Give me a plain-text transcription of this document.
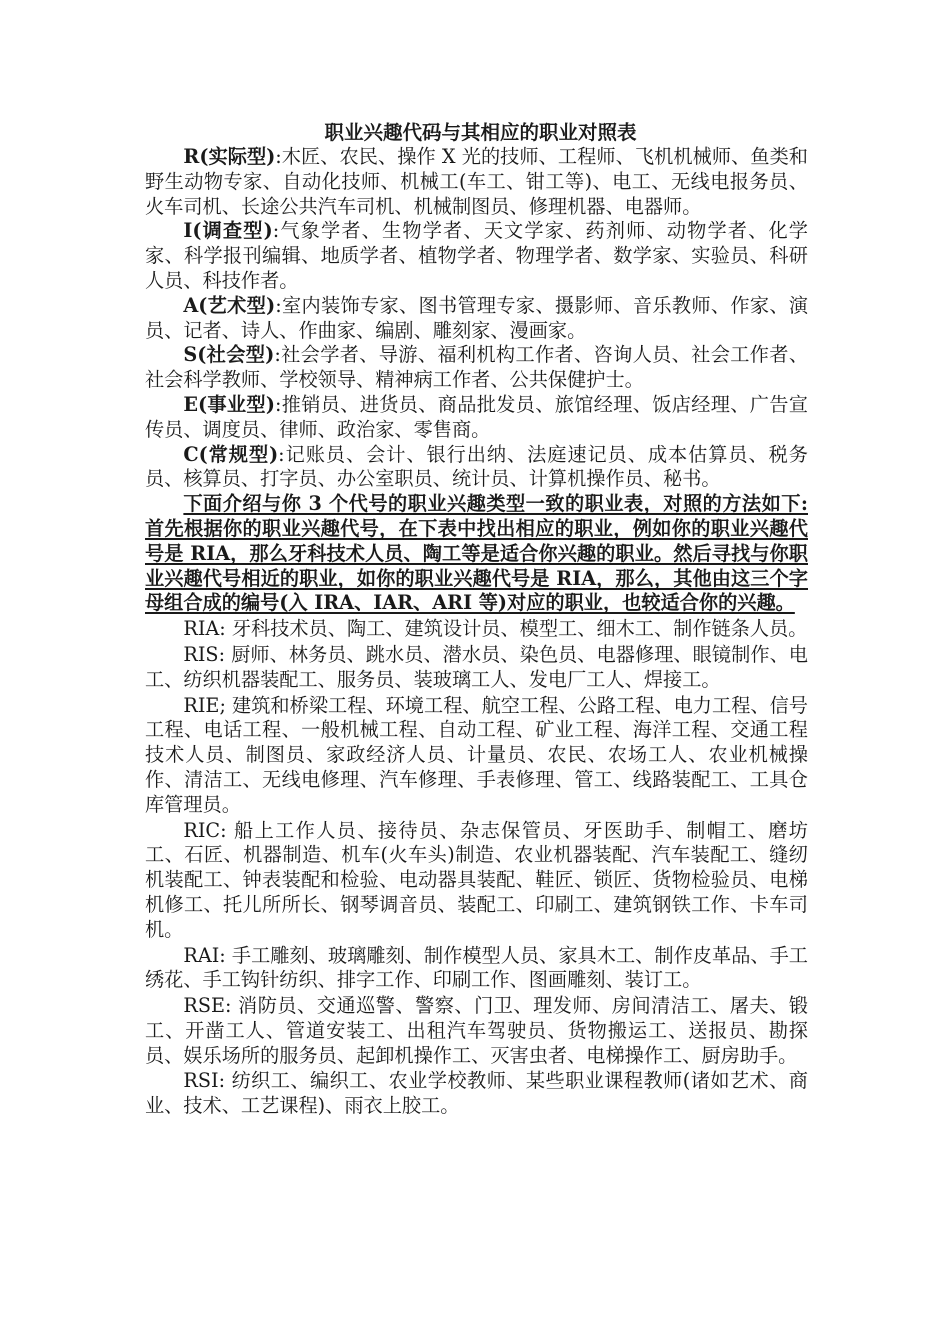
职业兴趣代码与其相应的职业对照表

R(实际型):木匠、农民、操作 X 光的技师、工程师、飞机机械师、鱼类和野生动物专家、自动化技师、机械工(车工、钳工等)、电工、无线电报务员、火车司机、长途公共汽车司机、机械制图员、修理机器、电器师。

I(调查型):气象学者、生物学者、天文学家、药剂师、动物学者、化学家、科学报刊编辑、地质学者、植物学者、物理学者、数学家、实验员、科研人员、科技作者。

A(艺术型):室内装饰专家、图书管理专家、摄影师、音乐教师、作家、演员、记者、诗人、作曲家、编剧、雕刻家、漫画家。

S(社会型):社会学者、导游、福利机构工作者、咨询人员、社会工作者、社会科学教师、学校领导、精神病工作者、公共保健护士。

E(事业型):推销员、进货员、商品批发员、旅馆经理、饭店经理、广告宣传员、调度员、律师、政治家、零售商。

C(常规型):记账员、会计、银行出纳、法庭速记员、成本估算员、税务员、核算员、打字员、办公室职员、统计员、计算机操作员、秘书。

下面介绍与你 3 个代号的职业兴趣类型一致的职业表，对照的方法如下: 首先根据你的职业兴趣代号，在下表中找出相应的职业，例如你的职业兴趣代号是 RIA，那么牙科技术人员、陶工等是适合你兴趣的职业。然后寻找与你职业兴趣代号相近的职业，如你的职业兴趣代号是 RIA，那么，其他由这三个字母组合成的编号(入 IRA、IAR、ARI 等)对应的职业，也较适合你的兴趣。

RIA: 牙科技术员、陶工、建筑设计员、模型工、细木工、制作链条人员。

RIS: 厨师、林务员、跳水员、潜水员、染色员、电器修理、眼镜制作、电工、纺织机器装配工、服务员、装玻璃工人、发电厂工人、焊接工。

RIE; 建筑和桥梁工程、环境工程、航空工程、公路工程、电力工程、信号工程、电话工程、一般机械工程、自动工程、矿业工程、海洋工程、交通工程技术人员、制图员、家政经济人员、计量员、农民、农场工人、农业机械操作、清洁工、无线电修理、汽车修理、手表修理、管工、线路装配工、工具仓库管理员。

RIC: 船上工作人员、接待员、杂志保管员、牙医助手、制帽工、磨坊工、石匠、机器制造、机车(火车头)制造、农业机器装配、汽车装配工、缝纫机装配工、钟表装配和检验、电动器具装配、鞋匠、锁匠、货物检验员、电梯机修工、托儿所所长、钢琴调音员、装配工、印刷工、建筑钢铁工作、卡车司机。

RAI: 手工雕刻、玻璃雕刻、制作模型人员、家具木工、制作皮革品、手工绣花、手工钩针纺织、排字工作、印刷工作、图画雕刻、装订工。

RSE: 消防员、交通巡警、警察、门卫、理发师、房间清洁工、屠夫、锻工、开凿工人、管道安装工、出租汽车驾驶员、货物搬运工、送报员、勘探员、娱乐场所的服务员、起卸机操作工、灭害虫者、电梯操作工、厨房助手。

RSI: 纺织工、编织工、农业学校教师、某些职业课程教师(诸如艺术、商业、技术、工艺课程)、雨衣上胶工。
